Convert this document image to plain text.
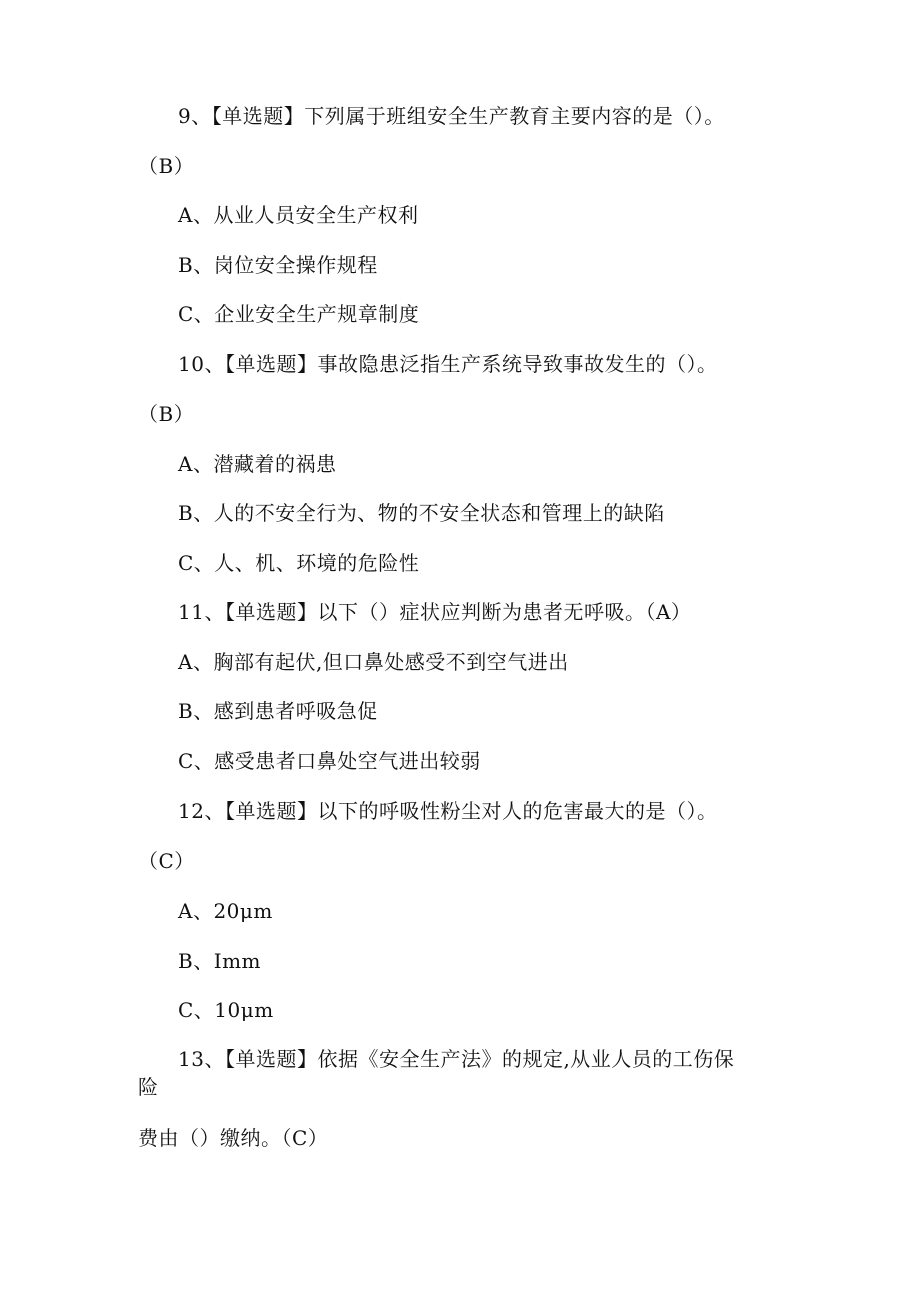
9、【单选题】下列属于班组安全生产教育主要内容的是（）。
（B）
A、从业人员安全生产权利
B、岗位安全操作规程
C、企业安全生产规章制度
10、【单选题】事故隐患泛指生产系统导致事故发生的（）。
（B）
A、潜藏着的祸患
B、人的不安全行为、物的不安全状态和管理上的缺陷
C、人、机、环境的危险性
11、【单选题】以下（）症状应判断为患者无呼吸。（A）
A、胸部有起伏,但口鼻处感受不到空气进出
B、感到患者呼吸急促
C、感受患者口鼻处空气进出较弱
12、【单选题】以下的呼吸性粉尘对人的危害最大的是（）。
（C）
A、20μm
B、Imm
C、10μm
13、【单选题】依据《安全生产法》的规定,从业人员的工伤保
险
费由（）缴纳。（C）
